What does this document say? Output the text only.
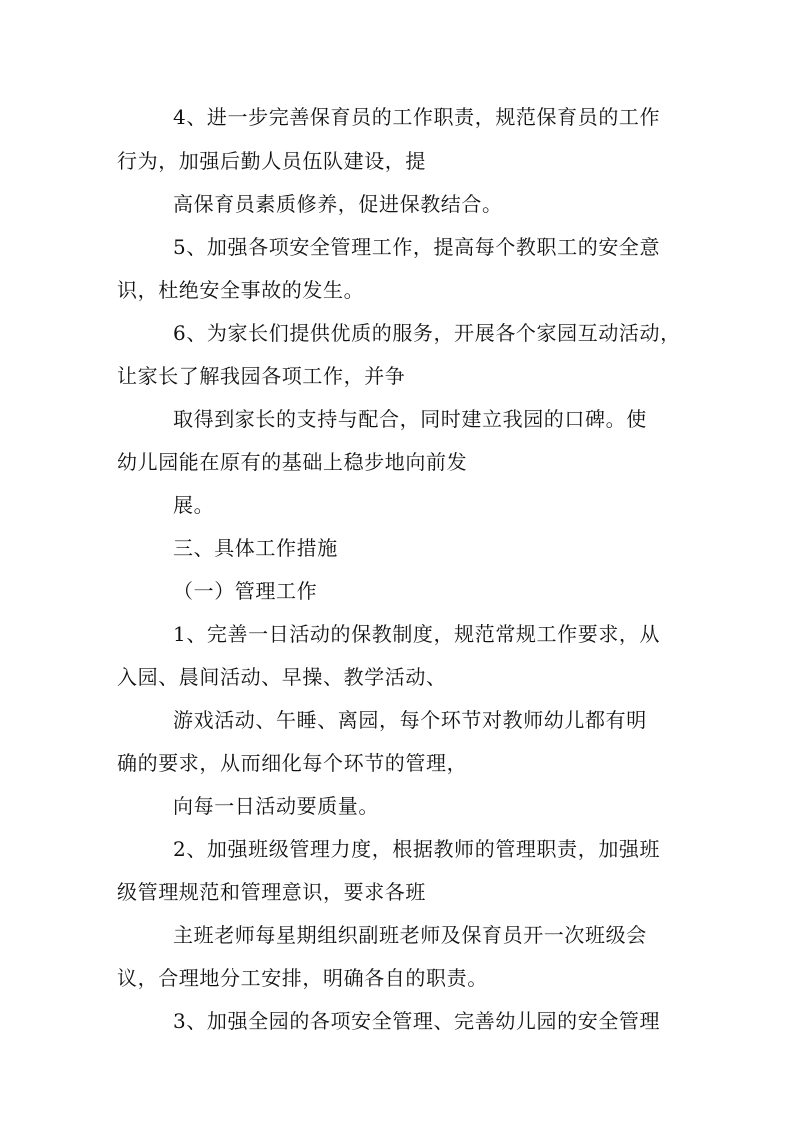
4、进一步完善保育员的工作职责，规范保育员的工作
行为，加强后勤人员伍队建设，提
高保育员素质修养，促进保教结合。
5、加强各项安全管理工作，提高每个教职工的安全意
识，杜绝安全事故的发生。
6、为家长们提供优质的服务，开展各个家园互动活动，
让家长了解我园各项工作，并争
取得到家长的支持与配合，同时建立我园的口碑。使
幼儿园能在原有的基础上稳步地向前发
展。
三、具体工作措施
（一）管理工作
1、完善一日活动的保教制度，规范常规工作要求，从
入园、晨间活动、早操、教学活动、
游戏活动、午睡、离园，每个环节对教师幼儿都有明
确的要求，从而细化每个环节的管理，
向每一日活动要质量。
2、加强班级管理力度，根据教师的管理职责，加强班
级管理规范和管理意识，要求各班
主班老师每星期组织副班老师及保育员开一次班级会
议，合理地分工安排，明确各自的职责。
3、加强全园的各项安全管理、完善幼儿园的安全管理
